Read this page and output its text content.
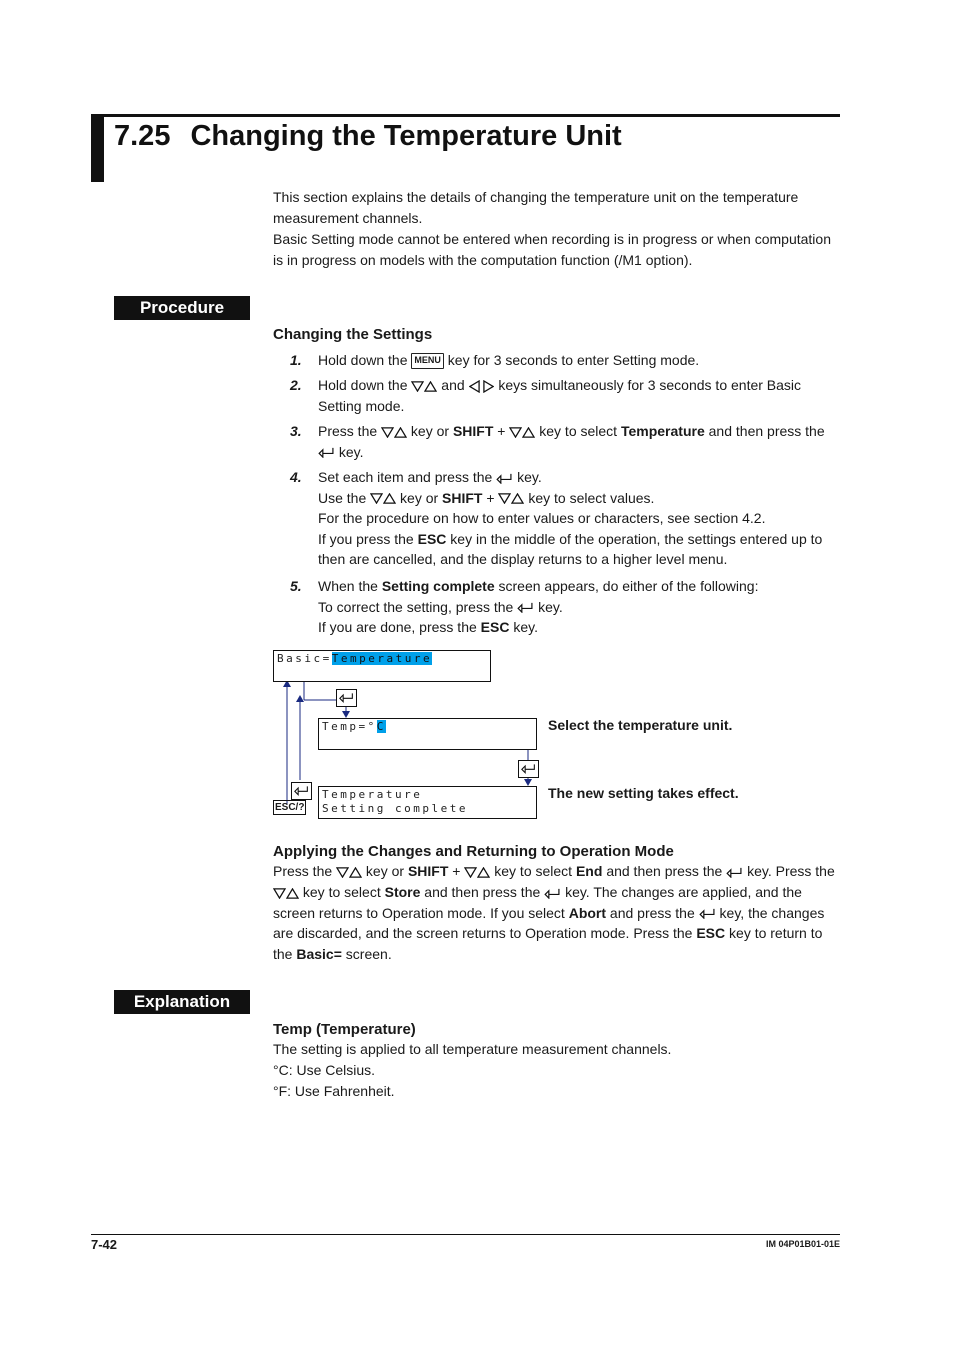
7.25 Changing the Temperature Unit
This section explains the details of changing the temperature unit on the temperature measurement channels.
Basic Setting mode cannot be entered when recording is in progress or when computation is in progress on models with the computation function (/M1 option).
Procedure
Changing the Settings
1. Hold down the MENU key for 3 seconds to enter Setting mode.
2. Hold down the and keys simultaneously for 3 seconds to enter Basic Setting mode.
3. Press the key or SHIFT + key to select Temperature and then press the  key.
4. Set each item and press the key.
Use the key or SHIFT + key to select values.
For the procedure on how to enter values or characters, see section 4.2.
If you press the ESC key in the middle of the operation, the settings entered up to then are cancelled, and the display returns to a higher level menu.
5. When the Setting complete screen appears, do either of the following:
To correct the setting, press the key.
If you are done, press the ESC key.
Basic=Temperature
Temp=°C	Select the temperature unit.
ESC/?
Temperature
Setting complete
The new setting takes effect.
Applying the Changes and Returning to Operation Mode
Press the key or SHIFT + key to select End and then press the key. Press the  key to select Store and then press the key. The changes are applied, and the screen returns to Operation mode. If you select Abort and press the key, the changes are discarded, and the screen returns to Operation mode. Press the ESC key to return to the Basic= screen.
Explanation
Temp (Temperature)
The setting is applied to all temperature measurement channels.
°C: Use Celsius.
°F: Use Fahrenheit.
7-42	IM 04P01B01-01E
